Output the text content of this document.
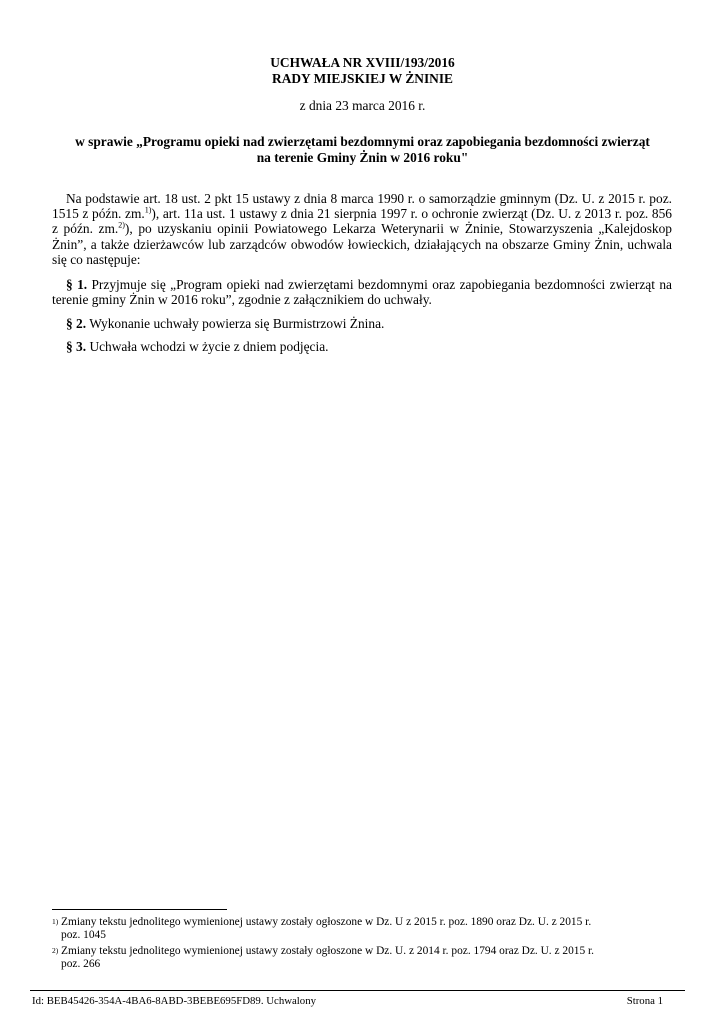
UCHWAŁA NR XVIII/193/2016
RADY MIEJSKIEJ W ŻNINIE
z dnia 23 marca 2016 r.
w sprawie „Programu opieki nad zwierzętami bezdomnymi oraz zapobiegania bezdomności zwierząt
na terenie Gminy Żnin w 2016 roku"
Na podstawie art. 18 ust. 2 pkt 15 ustawy z dnia 8 marca 1990 r. o samorządzie gminnym (Dz. U. z 2015 r. poz. 1515 z późn. zm.$^{1)}$), art. 11a ust. 1 ustawy z dnia 21 sierpnia 1997 r. o ochronie zwierząt (Dz. U. z 2013 r. poz. 856 z późn. zm.$^{2)}$), po uzyskaniu opinii Powiatowego Lekarza Weterynarii w Żninie, Stowarzyszenia „Kalejdoskop Żnin”, a także dzierżawców lub zarządców obwodów łowieckich, działających na obszarze Gminy Żnin, uchwala się co następuje:
§ 1. Przyjmuje się „Program opieki nad zwierzętami bezdomnymi oraz zapobiegania bezdomności zwierząt na terenie gminy Żnin w 2016 roku”, zgodnie z załącznikiem do uchwały.
§ 2. Wykonanie uchwały powierza się Burmistrzowi Żnina.
§ 3. Uchwała wchodzi w życie z dniem podjęcia.
1) Zmiany tekstu jednolitego wymienionej ustawy zostały ogłoszone w Dz. U z 2015 r. poz. 1890 oraz Dz. U. z 2015 r.
poz. 1045
2) Zmiany tekstu jednolitego wymienionej ustawy zostały ogłoszone w Dz. U. z 2014 r. poz. 1794 oraz Dz. U. z 2015 r.
poz. 266
Id: BEB45426-354A-4BA6-8ABD-3BEBE695FD89. Uchwalony	Strona 1
